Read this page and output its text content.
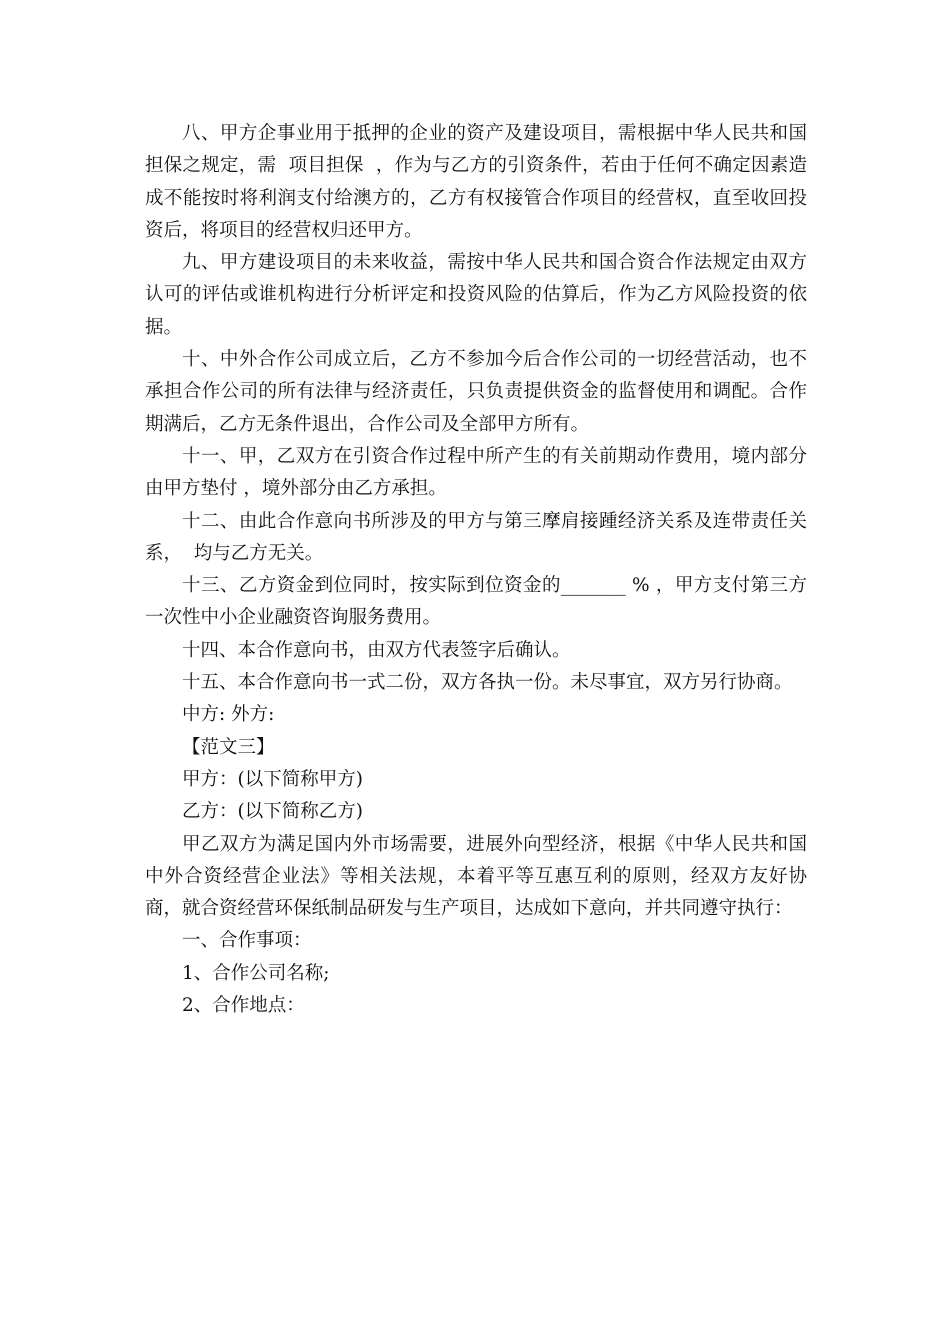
八、甲方企事业用于抵押的企业的资产及建设项目，需根据中华人民共和国担保之规定，需  项目担保  ，作为与乙方的引资条件，若由于任何不确定因素造成不能按时将利润支付给澳方的，乙方有权接管合作项目的经营权，直至收回投资后，将项目的经营权归还甲方。

九、甲方建设项目的未来收益，需按中华人民共和国合资合作法规定由双方认可的评估或谁机构进行分析评定和投资风险的估算后，作为乙方风险投资的依据。

十、中外合作公司成立后，乙方不参加今后合作公司的一切经营活动，也不承担合作公司的所有法律与经济责任，只负责提供资金的监督使用和调配。合作期满后，乙方无条件退出，合作公司及全部甲方所有。

十一、甲，乙双方在引资合作过程中所产生的有关前期动作费用，境内部分由甲方垫付 ，境外部分由乙方承担。

十二、由此合作意向书所涉及的甲方与第三摩肩接踵经济关系及连带责任关系，  均与乙方无关。

十三、乙方资金到位同时，按实际到位资金的_______ % ，甲方支付第三方一次性中小企业融资咨询服务费用。

十四、本合作意向书，由双方代表签字后确认。

十五、本合作意向书一式二份，双方各执一份。未尽事宜，双方另行协商。

中方: 外方:

【范文三】

甲方：(以下简称甲方)

乙方：(以下简称乙方)

甲乙双方为满足国内外市场需要，进展外向型经济，根据《中华人民共和国中外合资经营企业法》等相关法规，本着平等互惠互利的原则，经双方友好协商，就合资经营环保纸制品研发与生产项目，达成如下意向，并共同遵守执行：

一、合作事项：

1、合作公司名称;

2、合作地点：
